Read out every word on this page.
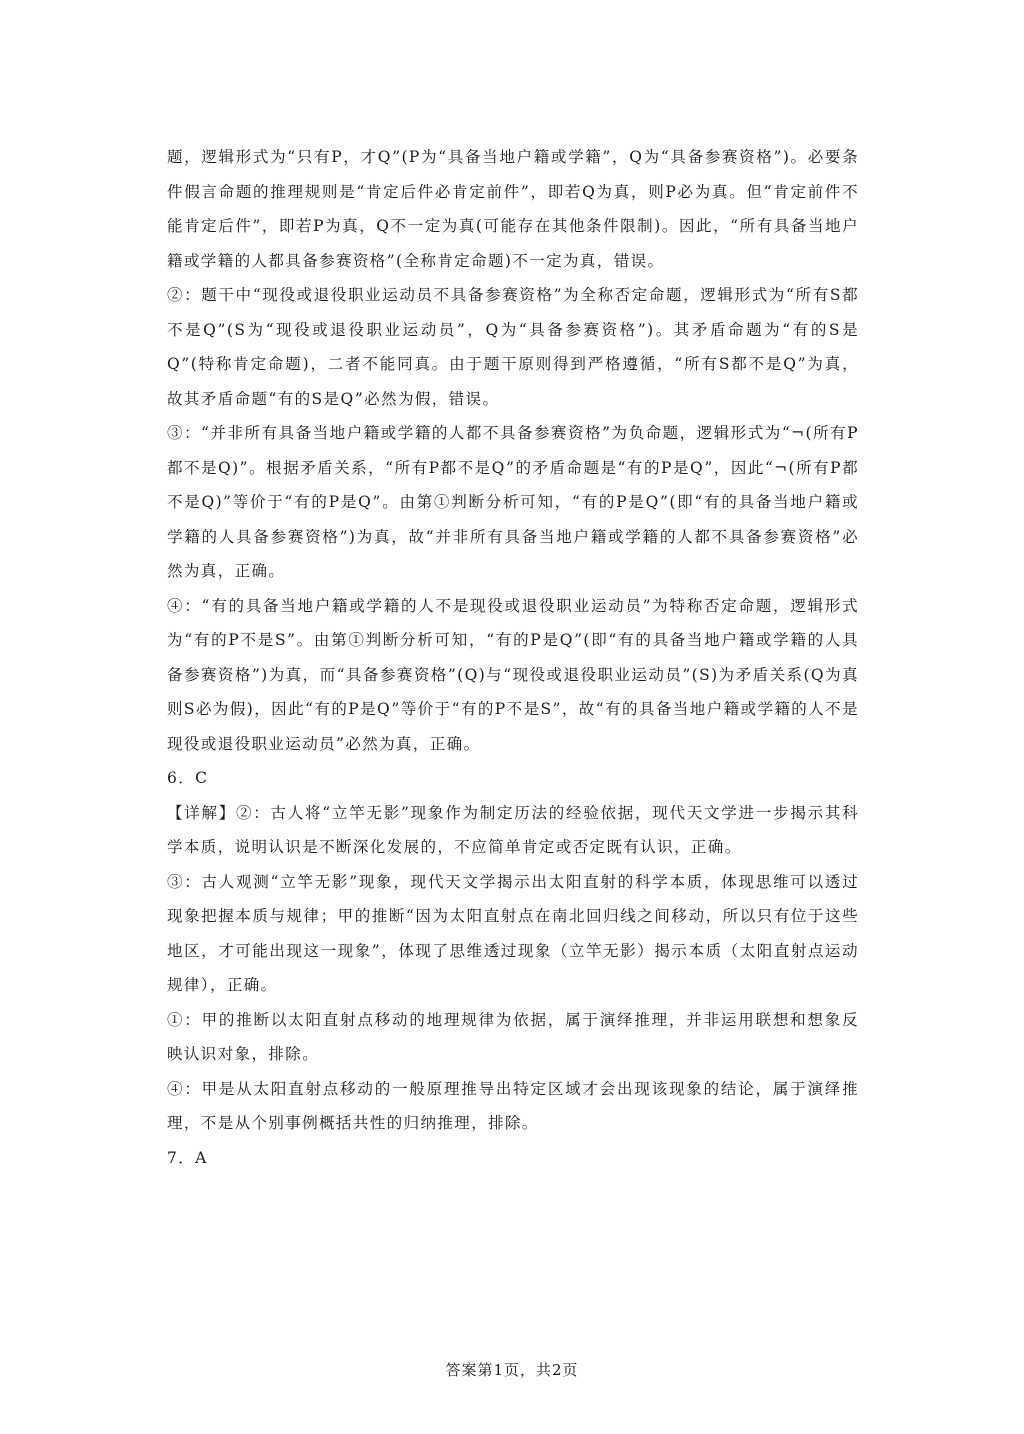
题，逻辑形式为“只有P，才Q”(P为“具备当地户籍或学籍”，Q为“具备参赛资格”)。必要条件假言命题的推理规则是“肯定后件必肯定前件”，即若Q为真，则P必为真。但“肯定前件不能肯定后件”，即若P为真，Q不一定为真(可能存在其他条件限制)。因此，“所有具备当地户籍或学籍的人都具备参赛资格”(全称肯定命题)不一定为真，错误。

②：题干中“现役或退役职业运动员不具备参赛资格”为全称否定命题，逻辑形式为“所有S都不是Q”(S为“现役或退役职业运动员”，Q为“具备参赛资格”)。其矛盾命题为“有的S是Q”(特称肯定命题)，二者不能同真。由于题干原则得到严格遵循，“所有S都不是Q”为真，故其矛盾命题“有的S是Q”必然为假，错误。

③：“并非所有具备当地户籍或学籍的人都不具备参赛资格”为负命题，逻辑形式为“¬(所有P都不是Q)”。根据矛盾关系，“所有P都不是Q”的矛盾命题是“有的P是Q”，因此“¬(所有P都不是Q)”等价于“有的P是Q”。由第①判断分析可知，“有的P是Q”(即“有的具备当地户籍或学籍的人具备参赛资格”)为真，故“并非所有具备当地户籍或学籍的人都不具备参赛资格”必然为真，正确。

④：“有的具备当地户籍或学籍的人不是现役或退役职业运动员”为特称否定命题，逻辑形式为“有的P不是S”。由第①判断分析可知，“有的P是Q”(即“有的具备当地户籍或学籍的人具备参赛资格”)为真，而“具备参赛资格”(Q)与“现役或退役职业运动员”(S)为矛盾关系(Q为真则S必为假)，因此“有的P是Q”等价于“有的P不是S”，故“有的具备当地户籍或学籍的人不是现役或退役职业运动员”必然为真，正确。

6．C

【详解】②：古人将“立竿无影”现象作为制定历法的经验依据，现代天文学进一步揭示其科学本质，说明认识是不断深化发展的，不应简单肯定或否定既有认识，正确。

③：古人观测“立竿无影”现象，现代天文学揭示出太阳直射的科学本质，体现思维可以透过现象把握本质与规律；甲的推断“因为太阳直射点在南北回归线之间移动，所以只有位于这些地区，才可能出现这一现象”，体现了思维透过现象（立竿无影）揭示本质（太阳直射点运动规律），正确。

①：甲的推断以太阳直射点移动的地理规律为依据，属于演绎推理，并非运用联想和想象反映认识对象，排除。

④：甲是从太阳直射点移动的一般原理推导出特定区域才会出现该现象的结论，属于演绎推理，不是从个别事例概括共性的归纳推理，排除。

7．A

答案第1页，共2页
